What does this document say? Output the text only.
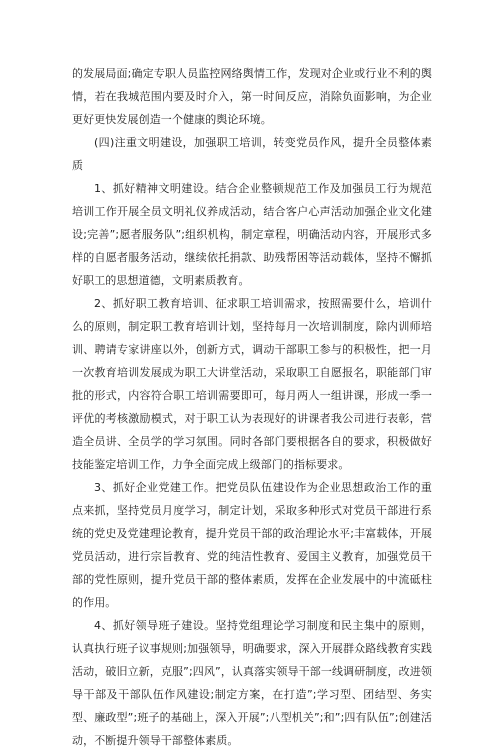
的发展局面;确定专职人员监控网络舆情工作，发现对企业或行业不利的舆情，若在我城范围内要及时介入，第一时间反应，消除负面影响，为企业更好更快发展创造一个健康的舆论环境。

(四)注重文明建设，加强职工培训，转变党员作风，提升全员整体素质

1、抓好精神文明建设。结合企业整顿规范工作及加强员工行为规范培训工作开展全员文明礼仪养成活动，结合客户心声活动加强企业文化建设;完善”;愿者服务队”;组织机构，制定章程，明确活动内容，开展形式多样的自愿者服务活动，继续依托捐款、助残帮困等活动载体，坚持不懈抓好职工的思想道德，文明素质教育。

2、抓好职工教育培训、征求职工培训需求，按照需要什么，培训什么的原则，制定职工教育培训计划，坚持每月一次培训制度，除内训师培训、聘请专家讲座以外，创新方式，调动干部职工参与的积极性，把一月一次教育培训发展成为职工大讲堂活动，采取职工自愿报名，职能部门审批的形式，内容符合职工培训需要即可，每月两人一组讲课，形成一季一评优的考核激励模式，对于职工认为表现好的讲课者我公司进行表彰，营造全员讲、全员学的学习氛围。同时各部门要根据各自的要求，积极做好技能鉴定培训工作，力争全面完成上级部门的指标要求。

3、抓好企业党建工作。把党员队伍建设作为企业思想政治工作的重点来抓，坚持党员月度学习，制定计划，采取多种形式对党员干部进行系统的党史及党建理论教育，提升党员干部的政治理论水平;丰富载体，开展党员活动，进行宗旨教育、党的纯洁性教育、爱国主义教育，加强党员干部的党性原则，提升党员干部的整体素质，发挥在企业发展中的中流砥柱的作用。

4、抓好领导班子建设。坚持党组理论学习制度和民主集中的原则，认真执行班子议事规则;加强领导，明确要求，深入开展群众路线教育实践活动，破旧立新，克服”;四风”，认真落实领导干部一线调研制度，改进领导干部及干部队伍作风建设;制定方案，在打造”;学习型、团结型、务实型、廉政型”;班子的基础上，深入开展”;八型机关”;和”;四有队伍”;创建活动，不断提升领导干部整体素质。
